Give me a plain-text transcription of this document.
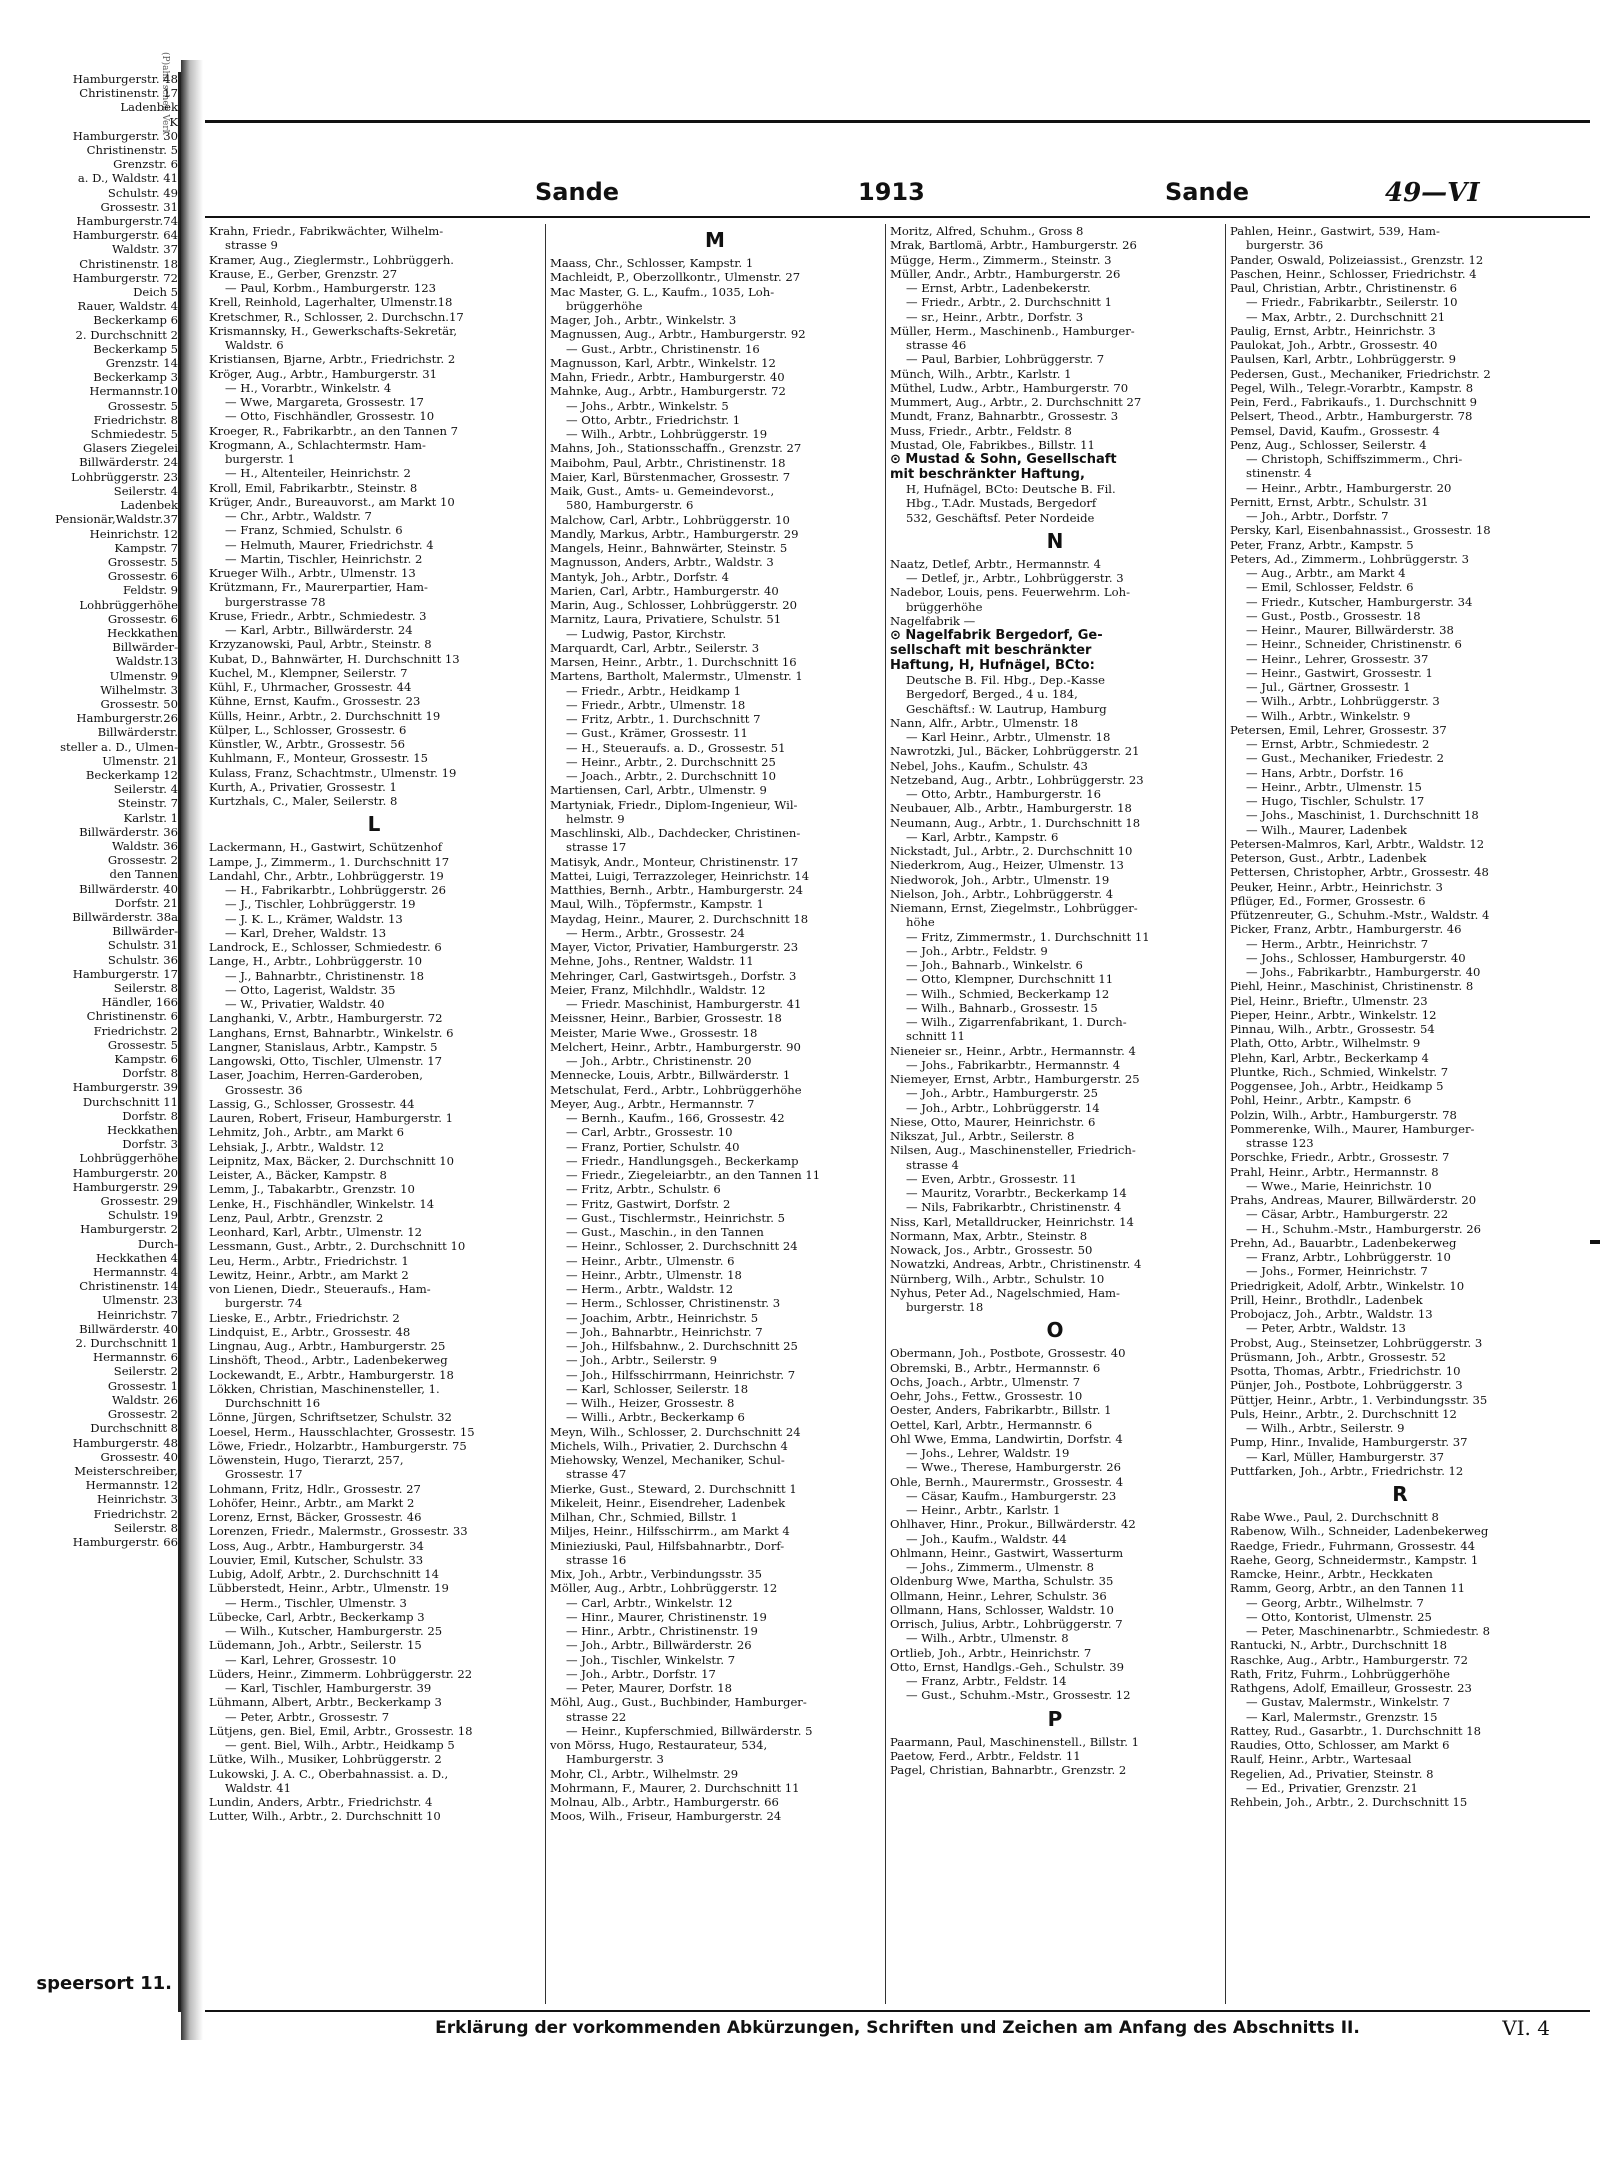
(P)ahn schen Verl.
Hamburgerstr. 48
Christinenstr. 17
Ladenbek
K
Hamburgerstr. 30
Christinenstr. 5
Grenzstr. 6
a. D., Waldstr. 41
Schulstr. 49
Grossestr. 31
Hamburgerstr.74
Hamburgerstr. 64
Waldstr. 37
Christinenstr. 18
Hamburgerstr. 72
Deich 5
Rauer, Waldstr. 4
Beckerkamp 6
2. Durchschnitt 2
Beckerkamp 5
Grenzstr. 14
Beckerkamp 3
Hermannstr.10
Grossestr. 5
Friedrichstr. 8
Schmiedestr. 5
Glasers Ziegelei
Billwärderstr. 24
Lohbrüggerstr. 23
Seilerstr. 4
Ladenbek
Pensionär,Waldstr.37
Heinrichstr. 12
Kampstr. 7
Grossestr. 5
Grossestr. 6
Feldstr. 9
Lohbrüggerhöhe
Grossestr. 6
Heckkathen
Billwärder-
Waldstr.13
Ulmenstr. 9
Wilhelmstr. 3
Grossestr. 50
Hamburgerstr.26
Billwärderstr.
steller a. D., Ulmen-
Ulmenstr. 21
Beckerkamp 12
Seilerstr. 4
Steinstr. 7
Karlstr. 1
Billwärderstr. 36
Waldstr. 36
Grossestr. 2
den Tannen
Billwärderstr. 40
Dorfstr. 21
Billwärderstr. 38a
Billwärder-
Schulstr. 31
Schulstr. 36
Hamburgerstr. 17
Seilerstr. 8
Händler, 166
Christinenstr. 6
Friedrichstr. 2
Grossestr. 5
Kampstr. 6
Dorfstr. 8
Hamburgerstr. 39
Durchschnitt 11
Dorfstr. 8
Heckkathen
Dorfstr. 3
Lohbrüggerhöhe
Hamburgerstr. 20
Hamburgerstr. 29
Grossestr. 29
Schulstr. 19
Hamburgerstr. 2
Durch-
Heckkathen 4
Hermannstr. 4
Christinenstr. 14
Ulmenstr. 23
Heinrichstr. 7
Billwärderstr. 40
2. Durchschnitt 1
Hermannstr. 6
Seilerstr. 2
Grossestr. 1
Waldstr. 26
Grossestr. 2
Durchschnitt 8
Hamburgerstr. 48
Grossestr. 40
Meisterschreiber,
Hermannstr. 12
Heinrichstr. 3
Friedrichstr. 2
Seilerstr. 8
Hamburgerstr. 66
speersort 11.
Sande	1913	Sande	49—VI
Krahn, Friedr., Fabrikwächter, Wilhelm-
strasse 9
Kramer, Aug., Zieglermstr., Lohbrüggerh.
Krause, E., Gerber, Grenzstr. 27
— Paul, Korbm., Hamburgerstr. 123
Krell, Reinhold, Lagerhalter, Ulmenstr.18
Kretschmer, R., Schlosser, 2. Durchschn.17
Krismannsky, H., Gewerkschafts-Sekretär,
Waldstr. 6
Kristiansen, Bjarne, Arbtr., Friedrichstr. 2
Kröger, Aug., Arbtr., Hamburgerstr. 31
— H., Vorarbtr., Winkelstr. 4
— Wwe, Margareta, Grossestr. 17
— Otto, Fischhändler, Grossestr. 10
Kroeger, R., Fabrikarbtr., an den Tannen 7
Krogmann, A., Schlachtermstr. Ham-
burgerstr. 1
— H., Altenteiler, Heinrichstr. 2
Kroll, Emil, Fabrikarbtr., Steinstr. 8
Krüger, Andr., Bureauvorst., am Markt 10
— Chr., Arbtr., Waldstr. 7
— Franz, Schmied, Schulstr. 6
— Helmuth, Maurer, Friedrichstr. 4
— Martin, Tischler, Heinrichstr. 2
Krueger Wilh., Arbtr., Ulmenstr. 13
Krützmann, Fr., Maurerpartier, Ham-
burgerstrasse 78
Kruse, Friedr., Arbtr., Schmiedestr. 3
— Karl, Arbtr., Billwärderstr. 24
Krzyzanowski, Paul, Arbtr., Steinstr. 8
Kubat, D., Bahnwärter, H. Durchschnitt 13
Kuchel, M., Klempner, Seilerstr. 7
Kühl, F., Uhrmacher, Grossestr. 44
Kühne, Ernst, Kaufm., Grossestr. 23
Külls, Heinr., Arbtr., 2. Durchschnitt 19
Külper, L., Schlosser, Grossestr. 6
Künstler, W., Arbtr., Grossestr. 56
Kuhlmann, F., Monteur, Grossestr. 15
Kulass, Franz, Schachtmstr., Ulmenstr. 19
Kurth, A., Privatier, Grossestr. 1
Kurtzhals, C., Maler, Seilerstr. 8
L
Lackermann, H., Gastwirt, Schützenhof
Lampe, J., Zimmerm., 1. Durchschnitt 17
Landahl, Chr., Arbtr., Lohbrüggerstr. 19
— H., Fabrikarbtr., Lohbrüggerstr. 26
— J., Tischler, Lohbrüggerstr. 19
— J. K. L., Krämer, Waldstr. 13
— Karl, Dreher, Waldstr. 13
Landrock, E., Schlosser, Schmiedestr. 6
Lange, H., Arbtr., Lohbrüggerstr. 10
— J., Bahnarbtr., Christinenstr. 18
— Otto, Lagerist, Waldstr. 35
— W., Privatier, Waldstr. 40
Langhanki, V., Arbtr., Hamburgerstr. 72
Langhans, Ernst, Bahnarbtr., Winkelstr. 6
Langner, Stanislaus, Arbtr., Kampstr. 5
Langowski, Otto, Tischler, Ulmenstr. 17
Laser, Joachim, Herren-Garderoben,
Grossestr. 36
Lassig, G., Schlosser, Grossestr. 44
Lauren, Robert, Friseur, Hamburgerstr. 1
Lehmitz, Joh., Arbtr., am Markt 6
Lehsiak, J., Arbtr., Waldstr. 12
Leipnitz, Max, Bäcker, 2. Durchschnitt 10
Leister, A., Bäcker, Kampstr. 8
Lemm, J., Tabakarbtr., Grenzstr. 10
Lenke, H., Fischhändler, Winkelstr. 14
Lenz, Paul, Arbtr., Grenzstr. 2
Leonhard, Karl, Arbtr., Ulmenstr. 12
Lessmann, Gust., Arbtr., 2. Durchschnitt 10
Leu, Herm., Arbtr., Friedrichstr. 1
Lewitz, Heinr., Arbtr., am Markt 2
von Lienen, Diedr., Steueraufs., Ham-
burgerstr. 74
Lieske, E., Arbtr., Friedrichstr. 2
Lindquist, E., Arbtr., Grossestr. 48
Lingnau, Aug., Arbtr., Hamburgerstr. 25
Linshöft, Theod., Arbtr., Ladenbekerweg
Lockewandt, E., Arbtr., Hamburgerstr. 18
Lökken, Christian, Maschinensteller, 1.
Durchschnitt 16
Lönne, Jürgen, Schriftsetzer, Schulstr. 32
Loesel, Herm., Hausschlachter, Grossestr. 15
Löwe, Friedr., Holzarbtr., Hamburgerstr. 75
Löwenstein, Hugo, Tierarzt, 257,
Grossestr. 17
Lohmann, Fritz, Hdlr., Grossestr. 27
Lohöfer, Heinr., Arbtr., am Markt 2
Lorenz, Ernst, Bäcker, Grossestr. 46
Lorenzen, Friedr., Malermstr., Grossestr. 33
Loss, Aug., Arbtr., Hamburgerstr. 34
Louvier, Emil, Kutscher, Schulstr. 33
Lubig, Adolf, Arbtr., 2. Durchschnitt 14
Lübberstedt, Heinr., Arbtr., Ulmenstr. 19
— Herm., Tischler, Ulmenstr. 3
Lübecke, Carl, Arbtr., Beckerkamp 3
— Wilh., Kutscher, Hamburgerstr. 25
Lüdemann, Joh., Arbtr., Seilerstr. 15
— Karl, Lehrer, Grossestr. 10
Lüders, Heinr., Zimmerm. Lohbrüggerstr. 22
— Karl, Tischler, Hamburgerstr. 39
Lühmann, Albert, Arbtr., Beckerkamp 3
— Peter, Arbtr., Grossestr. 7
Lütjens, gen. Biel, Emil, Arbtr., Grossestr. 18
— gent. Biel, Wilh., Arbtr., Heidkamp 5
Lütke, Wilh., Musiker, Lohbrüggerstr. 2
Lukowski, J. A. C., Oberbahnassist. a. D.,
Waldstr. 41
Lundin, Anders, Arbtr., Friedrichstr. 4
Lutter, Wilh., Arbtr., 2. Durchschnitt 10
M
Maass, Chr., Schlosser, Kampstr. 1
Machleidt, P., Oberzollkontr., Ulmenstr. 27
Mac Master, G. L., Kaufm., 1035, Loh-
brüggerhöhe
Mager, Joh., Arbtr., Winkelstr. 3
Magnussen, Aug., Arbtr., Hamburgerstr. 92
— Gust., Arbtr., Christinenstr. 16
Magnusson, Karl, Arbtr., Winkelstr. 12
Mahn, Friedr., Arbtr., Hamburgerstr. 40
Mahnke, Aug., Arbtr., Hamburgerstr. 72
— Johs., Arbtr., Winkelstr. 5
— Otto, Arbtr., Friedrichstr. 1
— Wilh., Arbtr., Lohbrüggerstr. 19
Mahns, Joh., Stationsschaffn., Grenzstr. 27
Maibohm, Paul, Arbtr., Christinenstr. 18
Maier, Karl, Bürstenmacher, Grossestr. 7
Maik, Gust., Amts- u. Gemeindevorst.,
580, Hamburgerstr. 6
Malchow, Carl, Arbtr., Lohbrüggerstr. 10
Mandly, Markus, Arbtr., Hamburgerstr. 29
Mangels, Heinr., Bahnwärter, Steinstr. 5
Magnusson, Anders, Arbtr., Waldstr. 3
Mantyk, Joh., Arbtr., Dorfstr. 4
Marien, Carl, Arbtr., Hamburgerstr. 40
Marin, Aug., Schlosser, Lohbrüggerstr. 20
Marnitz, Laura, Privatiere, Schulstr. 51
— Ludwig, Pastor, Kirchstr.
Marquardt, Carl, Arbtr., Seilerstr. 3
Marsen, Heinr., Arbtr., 1. Durchschnitt 16
Martens, Bartholt, Malermstr., Ulmenstr. 1
— Friedr., Arbtr., Heidkamp 1
— Friedr., Arbtr., Ulmenstr. 18
— Fritz, Arbtr., 1. Durchschnitt 7
— Gust., Krämer, Grossestr. 11
— H., Steueraufs. a. D., Grossestr. 51
— Heinr., Arbtr., 2. Durchschnitt 25
— Joach., Arbtr., 2. Durchschnitt 10
Martiensen, Carl, Arbtr., Ulmenstr. 9
Martyniak, Friedr., Diplom-Ingenieur, Wil-
helmstr. 9
Maschlinski, Alb., Dachdecker, Christinen-
strasse 17
Matisyk, Andr., Monteur, Christinenstr. 17
Mattei, Luigi, Terrazzoleger, Heinrichstr. 14
Matthies, Bernh., Arbtr., Hamburgerstr. 24
Maul, Wilh., Töpfermstr., Kampstr. 1
Maydag, Heinr., Maurer, 2. Durchschnitt 18
— Herm., Arbtr., Grossestr. 24
Mayer, Victor, Privatier, Hamburgerstr. 23
Mehne, Johs., Rentner, Waldstr. 11
Mehringer, Carl, Gastwirtsgeh., Dorfstr. 3
Meier, Franz, Milchhdlr., Waldstr. 12
— Friedr. Maschinist, Hamburgerstr. 41
Meissner, Heinr., Barbier, Grossestr. 18
Meister, Marie Wwe., Grossestr. 18
Melchert, Heinr., Arbtr., Hamburgerstr. 90
— Joh., Arbtr., Christinenstr. 20
Mennecke, Louis, Arbtr., Billwärderstr. 1
Metschulat, Ferd., Arbtr., Lohbrüggerhöhe
Meyer, Aug., Arbtr., Hermannstr. 7
— Bernh., Kaufm., 166, Grossestr. 42
— Carl, Arbtr., Grossestr. 10
— Franz, Portier, Schulstr. 40
— Friedr., Handlungsgeh., Beckerkamp
— Friedr., Ziegeleiarbtr., an den Tannen 11
— Fritz, Arbtr., Schulstr. 6
— Fritz, Gastwirt, Dorfstr. 2
— Gust., Tischlermstr., Heinrichstr. 5
— Gust., Maschin., in den Tannen
— Heinr., Schlosser, 2. Durchschnitt 24
— Heinr., Arbtr., Ulmenstr. 6
— Heinr., Arbtr., Ulmenstr. 18
— Herm., Arbtr., Waldstr. 12
— Herm., Schlosser, Christinenstr. 3
— Joachim, Arbtr., Heinrichstr. 5
— Joh., Bahnarbtr., Heinrichstr. 7
— Joh., Hilfsbahnw., 2. Durchschnitt 25
— Joh., Arbtr., Seilerstr. 9
— Joh., Hilfsschirrmann, Heinrichstr. 7
— Karl, Schlosser, Seilerstr. 18
— Wilh., Heizer, Grossestr. 8
— Willi., Arbtr., Beckerkamp 6
Meyn, Wilh., Schlosser, 2. Durchschnitt 24
Michels, Wilh., Privatier, 2. Durchschn 4
Miehowsky, Wenzel, Mechaniker, Schul-
strasse 47
Mierke, Gust., Steward, 2. Durchschnitt 1
Mikeleit, Heinr., Eisendreher, Ladenbek
Milhan, Chr., Schmied, Billstr. 1
Miljes, Heinr., Hilfsschirrm., am Markt 4
Minieziuski, Paul, Hilfsbahnarbtr., Dorf-
strasse 16
Mix, Joh., Arbtr., Verbindungsstr. 35
Möller, Aug., Arbtr., Lohbrüggerstr. 12
— Carl, Arbtr., Winkelstr. 12
— Hinr., Maurer, Christinenstr. 19
— Hinr., Arbtr., Christinenstr. 19
— Joh., Arbtr., Billwärderstr. 26
— Joh., Tischler, Winkelstr. 7
— Joh., Arbtr., Dorfstr. 17
— Peter, Maurer, Dorfstr. 18
Möhl, Aug., Gust., Buchbinder, Hamburger-
strasse 22
— Heinr., Kupferschmied, Billwärderstr. 5
von Mörss, Hugo, Restaurateur, 534,
Hamburgerstr. 3
Mohr, Cl., Arbtr., Wilhelmstr. 29
Mohrmann, F., Maurer, 2. Durchschnitt 11
Molnau, Alb., Arbtr., Hamburgerstr. 66
Moos, Wilh., Friseur, Hamburgerstr. 24
Moritz, Alfred, Schuhm., Gross 8
Mrak, Bartlomä, Arbtr., Hamburgerstr. 26
Mügge, Herm., Zimmerm., Steinstr. 3
Müller, Andr., Arbtr., Hamburgerstr. 26
— Ernst, Arbtr., Ladenbekerstr.
— Friedr., Arbtr., 2. Durchschnitt 1
— sr., Heinr., Arbtr., Dorfstr. 3
Müller, Herm., Maschinenb., Hamburger-
strasse 46
— Paul, Barbier, Lohbrüggerstr. 7
Münch, Wilh., Arbtr., Karlstr. 1
Müthel, Ludw., Arbtr., Hamburgerstr. 70
Mummert, Aug., Arbtr., 2. Durchschnitt 27
Mundt, Franz, Bahnarbtr., Grossestr. 3
Muss, Friedr., Arbtr., Feldstr. 8
Mustad, Ole, Fabrikbes., Billstr. 11
⊙ Mustad & Sohn, Gesellschaft
mit beschränkter Haftung,
H, Hufnägel, BCto: Deutsche B. Fil.
Hbg., T.Adr. Mustads, Bergedorf
532, Geschäftsf. Peter Nordeide
N
Naatz, Detlef, Arbtr., Hermannstr. 4
— Detlef, jr., Arbtr., Lohbrüggerstr. 3
Nadebor, Louis, pens. Feuerwehrm. Loh-
brüggerhöhe
Nagelfabrik —
⊙ Nagelfabrik Bergedorf, Ge-
sellschaft mit beschränkter
Haftung, H, Hufnägel, BCto:
Deutsche B. Fil. Hbg., Dep.-Kasse
Bergedorf, Berged., 4 u. 184,
Geschäftsf.: W. Lautrup, Hamburg
Nann, Alfr., Arbtr., Ulmenstr. 18
— Karl Heinr., Arbtr., Ulmenstr. 18
Nawrotzki, Jul., Bäcker, Lohbrüggerstr. 21
Nebel, Johs., Kaufm., Schulstr. 43
Netzeband, Aug., Arbtr., Lohbrüggerstr. 23
— Otto, Arbtr., Hamburgerstr. 16
Neubauer, Alb., Arbtr., Hamburgerstr. 18
Neumann, Aug., Arbtr., 1. Durchschnitt 18
— Karl, Arbtr., Kampstr. 6
Nickstadt, Jul., Arbtr., 2. Durchschnitt 10
Niederkrom, Aug., Heizer, Ulmenstr. 13
Niedworok, Joh., Arbtr., Ulmenstr. 19
Nielson, Joh., Arbtr., Lohbrüggerstr. 4
Niemann, Ernst, Ziegelmstr., Lohbrügger-
höhe
— Fritz, Zimmermstr., 1. Durchschnitt 11
— Joh., Arbtr., Feldstr. 9
— Joh., Bahnarb., Winkelstr. 6
— Otto, Klempner, Durchschnitt 11
— Wilh., Schmied, Beckerkamp 12
— Wilh., Bahnarb., Grossestr. 15
— Wilh., Zigarrenfabrikant, 1. Durch-
schnitt 11
Nieneier sr., Heinr., Arbtr., Hermannstr. 4
— Johs., Fabrikarbtr., Hermannstr. 4
Niemeyer, Ernst, Arbtr., Hamburgerstr. 25
— Joh., Arbtr., Hamburgerstr. 25
— Joh., Arbtr., Lohbrüggerstr. 14
Niese, Otto, Maurer, Heinrichstr. 6
Nikszat, Jul., Arbtr., Seilerstr. 8
Nilsen, Aug., Maschinensteller, Friedrich-
strasse 4
— Even, Arbtr., Grossestr. 11
— Mauritz, Vorarbtr., Beckerkamp 14
— Nils, Fabrikarbtr., Christinenstr. 4
Niss, Karl, Metalldrucker, Heinrichstr. 14
Normann, Max, Arbtr., Steinstr. 8
Nowack, Jos., Arbtr., Grossestr. 50
Nowatzki, Andreas, Arbtr., Christinenstr. 4
Nürnberg, Wilh., Arbtr., Schulstr. 10
Nyhus, Peter Ad., Nagelschmied, Ham-
burgerstr. 18
O
Obermann, Joh., Postbote, Grossestr. 40
Obremski, B., Arbtr., Hermannstr. 6
Ochs, Joach., Arbtr., Ulmenstr. 7
Oehr, Johs., Fettw., Grossestr. 10
Oester, Anders, Fabrikarbtr., Billstr. 1
Oettel, Karl, Arbtr., Hermannstr. 6
Ohl Wwe, Emma, Landwirtin, Dorfstr. 4
— Johs., Lehrer, Waldstr. 19
— Wwe., Therese, Hamburgerstr. 26
Ohle, Bernh., Maurermstr., Grossestr. 4
— Cäsar, Kaufm., Hamburgerstr. 23
— Heinr., Arbtr., Karlstr. 1
Ohlhaver, Hinr., Prokur., Billwärderstr. 42
— Joh., Kaufm., Waldstr. 44
Ohlmann, Heinr., Gastwirt, Wasserturm
— Johs., Zimmerm., Ulmenstr. 8
Oldenburg Wwe, Martha, Schulstr. 35
Ollmann, Heinr., Lehrer, Schulstr. 36
Ollmann, Hans, Schlosser, Waldstr. 10
Orrisch, Julius, Arbtr., Lohbrüggerstr. 7
— Wilh., Arbtr., Ulmenstr. 8
Ortlieb, Joh., Arbtr., Heinrichstr. 7
Otto, Ernst, Handlgs.-Geh., Schulstr. 39
— Franz, Arbtr., Feldstr. 14
— Gust., Schuhm.-Mstr., Grossestr. 12
P
Paarmann, Paul, Maschinenstell., Billstr. 1
Paetow, Ferd., Arbtr., Feldstr. 11
Pagel, Christian, Bahnarbtr., Grenzstr. 2
Pahlen, Heinr., Gastwirt, 539, Ham-
burgerstr. 36
Pander, Oswald, Polizeiassist., Grenzstr. 12
Paschen, Heinr., Schlosser, Friedrichstr. 4
Paul, Christian, Arbtr., Christinenstr. 6
— Friedr., Fabrikarbtr., Seilerstr. 10
— Max, Arbtr., 2. Durchschnitt 21
Paulig, Ernst, Arbtr., Heinrichstr. 3
Paulokat, Joh., Arbtr., Grossestr. 40
Paulsen, Karl, Arbtr., Lohbrüggerstr. 9
Pedersen, Gust., Mechaniker, Friedrichstr. 2
Pegel, Wilh., Telegr.-Vorarbtr., Kampstr. 8
Pein, Ferd., Fabrikaufs., 1. Durchschnitt 9
Pelsert, Theod., Arbtr., Hamburgerstr. 78
Pemsel, David, Kaufm., Grossestr. 4
Penz, Aug., Schlosser, Seilerstr. 4
— Christoph, Schiffszimmerm., Chri-
stinenstr. 4
— Heinr., Arbtr., Hamburgerstr. 20
Pernitt, Ernst, Arbtr., Schulstr. 31
— Joh., Arbtr., Dorfstr. 7
Persky, Karl, Eisenbahnassist., Grossestr. 18
Peter, Franz, Arbtr., Kampstr. 5
Peters, Ad., Zimmerm., Lohbrüggerstr. 3
— Aug., Arbtr., am Markt 4
— Emil, Schlosser, Feldstr. 6
— Friedr., Kutscher, Hamburgerstr. 34
— Gust., Postb., Grossestr. 18
— Heinr., Maurer, Billwärderstr. 38
— Heinr., Schneider, Christinenstr. 6
— Heinr., Lehrer, Grossestr. 37
— Heinr., Gastwirt, Grossestr. 1
— Jul., Gärtner, Grossestr. 1
— Wilh., Arbtr., Lohbrüggerstr. 3
— Wilh., Arbtr., Winkelstr. 9
Petersen, Emil, Lehrer, Grossestr. 37
— Ernst, Arbtr., Schmiedestr. 2
— Gust., Mechaniker, Friedestr. 2
— Hans, Arbtr., Dorfstr. 16
— Heinr., Arbtr., Ulmenstr. 15
— Hugo, Tischler, Schulstr. 17
— Johs., Maschinist, 1. Durchschnitt 18
— Wilh., Maurer, Ladenbek
Petersen-Malmros, Karl, Arbtr., Waldstr. 12
Peterson, Gust., Arbtr., Ladenbek
Pettersen, Christopher, Arbtr., Grossestr. 48
Peuker, Heinr., Arbtr., Heinrichstr. 3
Pflüger, Ed., Former, Grossestr. 6
Pfützenreuter, G., Schuhm.-Mstr., Waldstr. 4
Picker, Franz, Arbtr., Hamburgerstr. 46
— Herm., Arbtr., Heinrichstr. 7
— Johs., Schlosser, Hamburgerstr. 40
— Johs., Fabrikarbtr., Hamburgerstr. 40
Piehl, Heinr., Maschinist, Christinenstr. 8
Piel, Heinr., Brieftr., Ulmenstr. 23
Pieper, Heinr., Arbtr., Winkelstr. 12
Pinnau, Wilh., Arbtr., Grossestr. 54
Plath, Otto, Arbtr., Wilhelmstr. 9
Plehn, Karl, Arbtr., Beckerkamp 4
Pluntke, Rich., Schmied, Winkelstr. 7
Poggensee, Joh., Arbtr., Heidkamp 5
Pohl, Heinr., Arbtr., Kampstr. 6
Polzin, Wilh., Arbtr., Hamburgerstr. 78
Pommerenke, Wilh., Maurer, Hamburger-
strasse 123
Porschke, Friedr., Arbtr., Grossestr. 7
Prahl, Heinr., Arbtr., Hermannstr. 8
— Wwe., Marie, Heinrichstr. 10
Prahs, Andreas, Maurer, Billwärderstr. 20
— Cäsar, Arbtr., Hamburgerstr. 22
— H., Schuhm.-Mstr., Hamburgerstr. 26
Prehn, Ad., Bauarbtr., Ladenbekerweg
— Franz, Arbtr., Lohbrüggerstr. 10
— Johs., Former, Heinrichstr. 7
Priedrigkeit, Adolf, Arbtr., Winkelstr. 10
Prill, Heinr., Brothdlr., Ladenbek
Probojacz, Joh., Arbtr., Waldstr. 13
— Peter, Arbtr., Waldstr. 13
Probst, Aug., Steinsetzer, Lohbrüggerstr. 3
Prüsmann, Joh., Arbtr., Grossestr. 52
Psotta, Thomas, Arbtr., Friedrichstr. 10
Pünjer, Joh., Postbote, Lohbrüggerstr. 3
Püttjer, Heinr., Arbtr., 1. Verbindungsstr. 35
Puls, Heinr., Arbtr., 2. Durchschnitt 12
— Wilh., Arbtr., Seilerstr. 9
Pump, Hinr., Invalide, Hamburgerstr. 37
— Karl, Müller, Hamburgerstr. 37
Puttfarken, Joh., Arbtr., Friedrichstr. 12
R
Rabe Wwe., Paul, 2. Durchschnitt 8
Rabenow, Wilh., Schneider, Ladenbekerweg
Raedge, Friedr., Fuhrmann, Grossestr. 44
Raehe, Georg, Schneidermstr., Kampstr. 1
Ramcke, Heinr., Arbtr., Heckkaten
Ramm, Georg, Arbtr., an den Tannen 11
— Georg, Arbtr., Wilhelmstr. 7
— Otto, Kontorist, Ulmenstr. 25
— Peter, Maschinenarbtr., Schmiedestr. 8
Rantucki, N., Arbtr., Durchschnitt 18
Raschke, Aug., Arbtr., Hamburgerstr. 72
Rath, Fritz, Fuhrm., Lohbrüggerhöhe
Rathgens, Adolf, Emailleur, Grossestr. 23
— Gustav, Malermstr., Winkelstr. 7
— Karl, Malermstr., Grenzstr. 15
Rattey, Rud., Gasarbtr., 1. Durchschnitt 18
Raudies, Otto, Schlosser, am Markt 6
Raulf, Heinr., Arbtr., Wartesaal
Regelien, Ad., Privatier, Steinstr. 8
— Ed., Privatier, Grenzstr. 21
Rehbein, Joh., Arbtr., 2. Durchschnitt 15
Erklärung der vorkommenden Abkürzungen, Schriften und Zeichen am Anfang des Abschnitts II.	VI. 4
